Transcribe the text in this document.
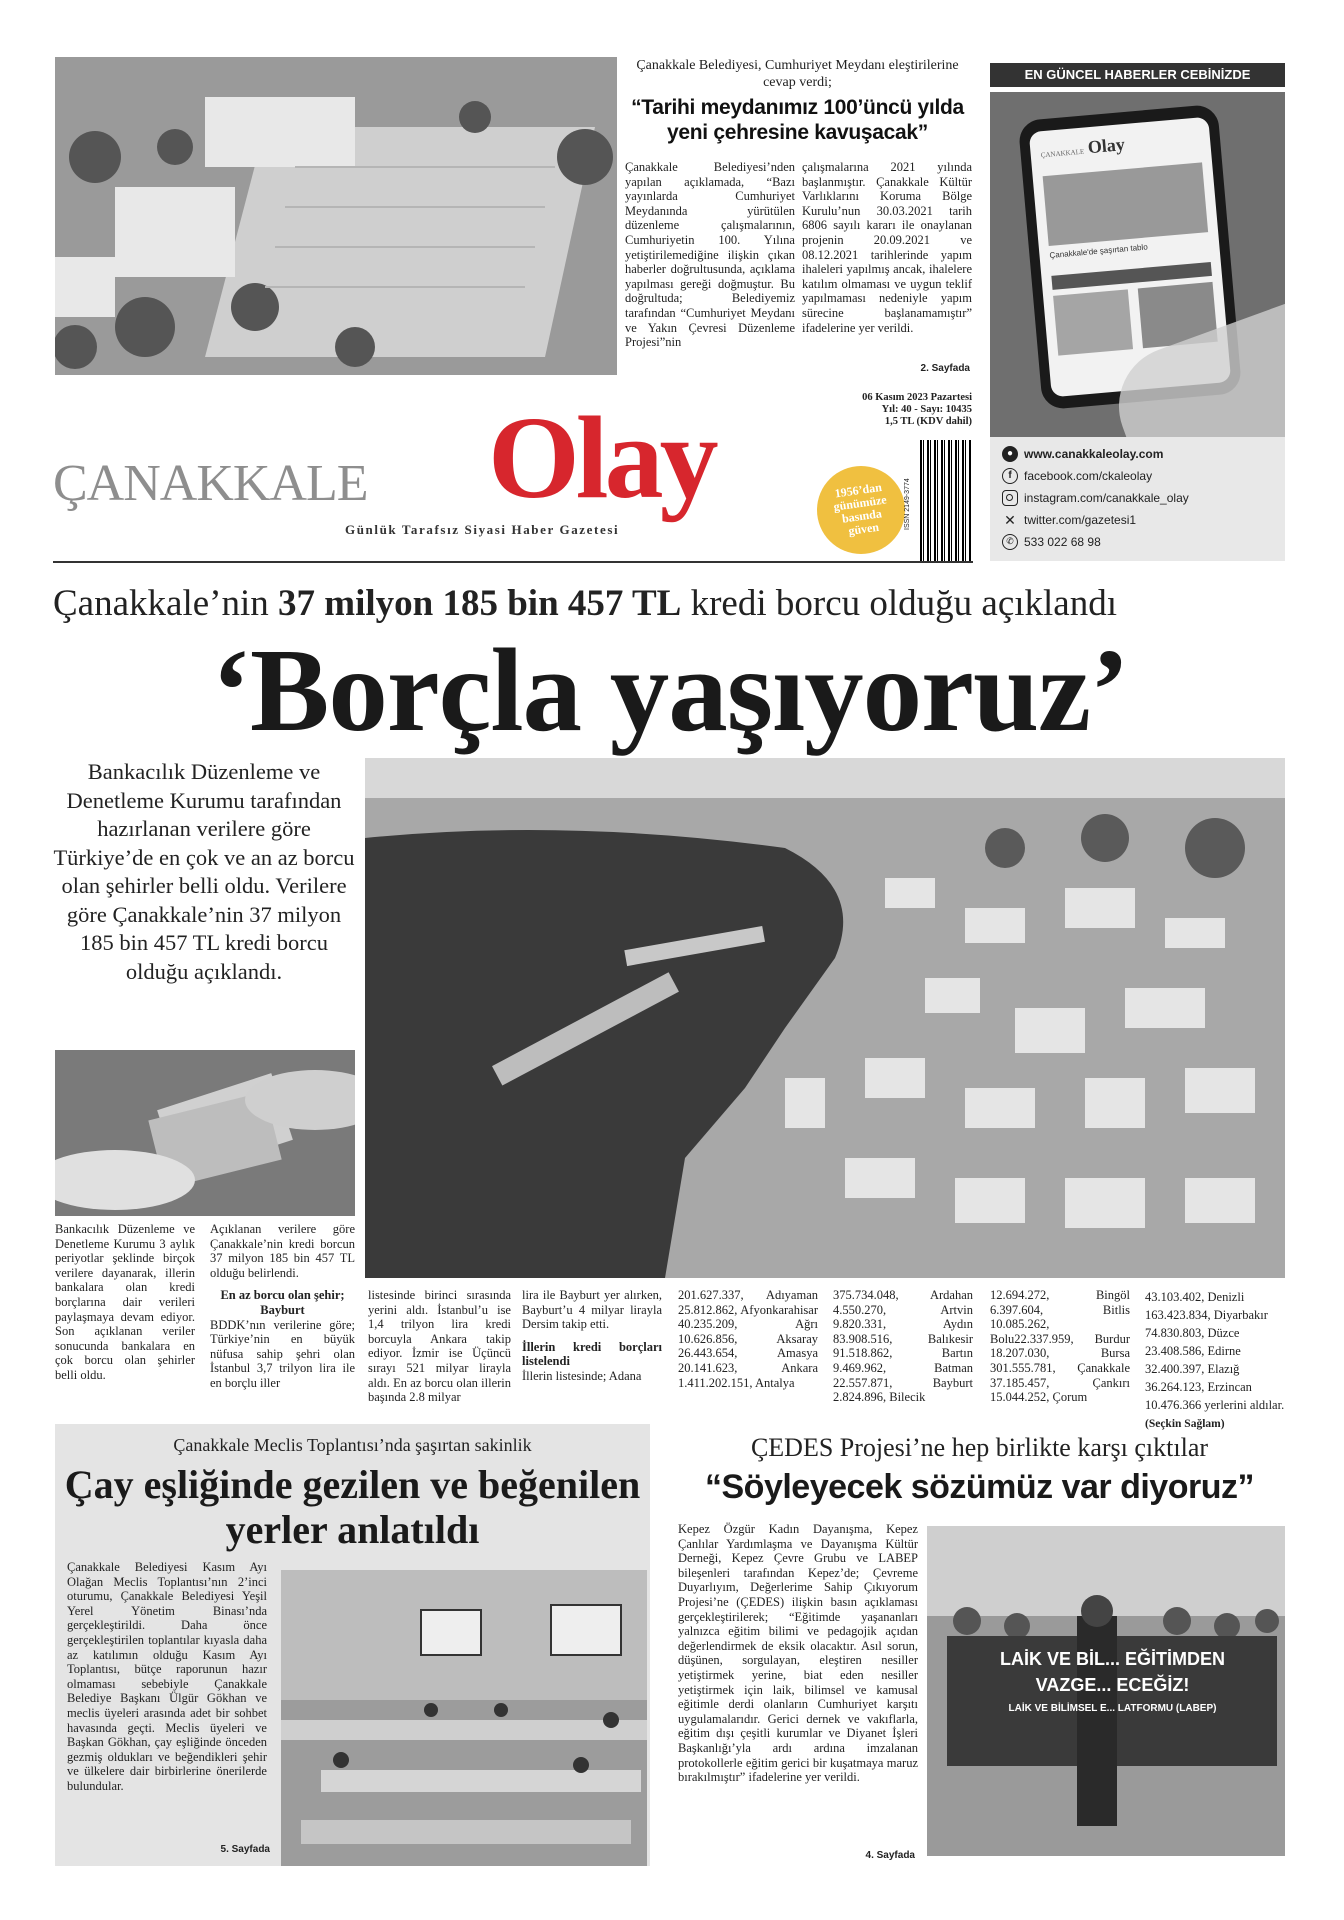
Çanakkale Belediyesi, Cumhuriyet Meydanı eleştirilerine cevap verdi;
“Tarihi meydanımız 100’üncü yılda yeni çehresine kavuşacak”
Çanakkale Belediyesi’nden yapılan açıklamada, “Bazı yayınlarda Cumhuriyet Meydanında yürütülen düzenleme çalışmalarının, Cumhuriyetin 100. Yılına yetiştirilemediğine ilişkin çıkan haberler doğrultusunda, açıklama yapılması gereği doğmuştur. Bu doğrultuda; Belediyemiz tarafından “Cumhuriyet Meydanı ve Yakın Çevresi Düzenleme Projesi”nin
çalışmalarına 2021 yılında başlanmıştır. Çanakkale Kültür Varlıklarını Koruma Bölge Kurulu’nun 30.03.2021 tarih 6806 sayılı kararı ile onaylanan projenin 20.09.2021 ve 08.12.2021 tarihlerinde yapım ihaleleri yapılmış ancak, ihalelere katılım olmaması ve uygun teklif yapılmaması nedeniyle yapım sürecine başlanamamıştır” ifadelerine yer verildi.
2. Sayfada
EN GÜNCEL HABERLER CEBİNİZDE
ÇANAKKALE Olay
Çanakkale'de şaşırtan tablo
● www.canakkaleolay.com
f	facebook.com/ckaleolay
instagram.com/canakkale_olay
✕ twitter.com/gazetesi1
✆ 533 022 68 98
06 Kasım 2023 Pazartesi
Yıl: 40 - Sayı: 10435
1,5 TL (KDV dahil)
ÇANAKKALE Olay
Günlük Tarafsız Siyasi Haber Gazetesi
1956’dan günümüze basında güven	ISSN 2149-3774
Çanakkale’nin 37 milyon 185 bin 457 TL kredi borcu olduğu açıklandı
‘Borçla yaşıyoruz’
Bankacılık Düzenleme ve Denetleme Kurumu tarafından hazırlanan verilere göre Türkiye’de en çok ve an az borcu olan şehirler belli oldu. Verilere göre Çanakkale’nin 37 milyon 185 bin 457 TL kredi borcu olduğu açıklandı.
Bankacılık Düzenleme ve Denetleme Kurumu 3 aylık periyotlar şeklinde birçok verilere dayanarak, illerin bankalara olan kredi borçlarına dair verileri paylaşmaya devam ediyor. Son açıklanan veriler sonucunda bankalara en çok borcu olan şehirler belli oldu.
Açıklanan verilere göre Çanakkale’nin kredi borcun 37 milyon 185 bin 457 TL olduğu belirlendi.
En az borcu olan şehir; Bayburt
BDDK’nın verilerine göre; Türkiye’nin en büyük nüfusa sahip şehri olan İstanbul 3,7 trilyon lira ile en borçlu iller
listesinde birinci sırasında yerini aldı. İstanbul’u ise 1,4 trilyon lira kredi borcuyla Ankara takip ediyor. İzmir ise Üçüncü sırayı 521 milyar lirayla aldı. En az borcu olan illerin başında 2.8 milyar
lira ile Bayburt yer alırken, Bayburt’u 4 milyar lirayla Dersim takip etti.
İllerin kredi borçları listelendi
İllerin listesinde; Adana
201.627.337, Adıyaman 25.812.862, Afyonkarahisar 40.235.209, Ağrı 10.626.856, Aksaray 26.443.654, Amasya 20.141.623, Ankara 1.411.202.151, Antalya
375.734.048, Ardahan 4.550.270, Artvin 9.820.331, Aydın 83.908.516, Balıkesir 91.518.862, Bartın 9.469.962, Batman 22.557.871, Bayburt 2.824.896, Bilecik
12.694.272, Bingöl 6.397.604, Bitlis 10.085.262, Bolu22.337.959, Burdur 18.207.030, Bursa 301.555.781, Çanakkale 37.185.457, Çankırı 15.044.252, Çorum
43.103.402, Denizli 163.423.834, Diyarbakır 74.830.803, Düzce 23.408.586, Edirne 32.400.397, Elazığ 36.264.123, Erzincan 10.476.366 yerlerini aldılar. (Seçkin Sağlam)
Çanakkale Meclis Toplantısı’nda şaşırtan sakinlik
Çay eşliğinde gezilen ve beğenilen yerler anlatıldı
Çanakkale Belediyesi Kasım Ayı Olağan Meclis Toplantısı’nın 2’inci oturumu, Çanakkale Belediyesi Yeşil Yerel Yönetim Binası’nda gerçekleştirildi. Daha önce gerçekleştirilen toplantılar kıyasla daha az katılımın olduğu Kasım Ayı Toplantısı, bütçe raporunun hazır olmaması sebebiyle Çanakkale Belediye Başkanı Ülgür Gökhan ve meclis üyeleri arasında adet bir sohbet havasında geçti. Meclis üyeleri ve Başkan Gökhan, çay eşliğinde önceden gezmiş oldukları ve beğendikleri şehir ve ülkelere dair birbirlerine önerilerde bulundular.
5. Sayfada
ÇEDES Projesi’ne hep birlikte karşı çıktılar
“Söyleyecek sözümüz var diyoruz”
Kepez Özgür Kadın Dayanışma, Kepez Çanlılar Yardımlaşma ve Dayanışma Kültür Derneği, Kepez Çevre Grubu ve LABEP bileşenleri tarafından Kepez’de; Çevreme Duyarlıyım, Değerlerime Sahip Çıkıyorum Projesi’ne (ÇEDES) ilişkin basın açıklaması gerçekleştirilerek; “Eğitimde yaşananları yalnızca eğitim bilimi ve pedagojik açıdan değerlendirmek de eksik olacaktır. Asıl sorun, düşünen, sorgulayan, eleştiren nesiller yetiştirmek yerine, biat eden nesiller yetiştirmek için laik, bilimsel ve kamusal eğitimle derdi olanların Cumhuriyet karşıtı uygulamalarıdır. Gerici dernek ve vakıflarla, eğitim dışı çeşitli kurumlar ve Diyanet İşleri Başkanlığı’yla ardı ardına imzalanan protokollerle eğitim gerici bir kuşatmaya maruz bırakılmıştır” ifadelerine yer verildi.
4. Sayfada
LAİK VE BİL... EĞİTİMDEN
VAZGE... ECEĞİZ!
LAİK VE BİLİMSEL E... LATFORMU (LABEP)
